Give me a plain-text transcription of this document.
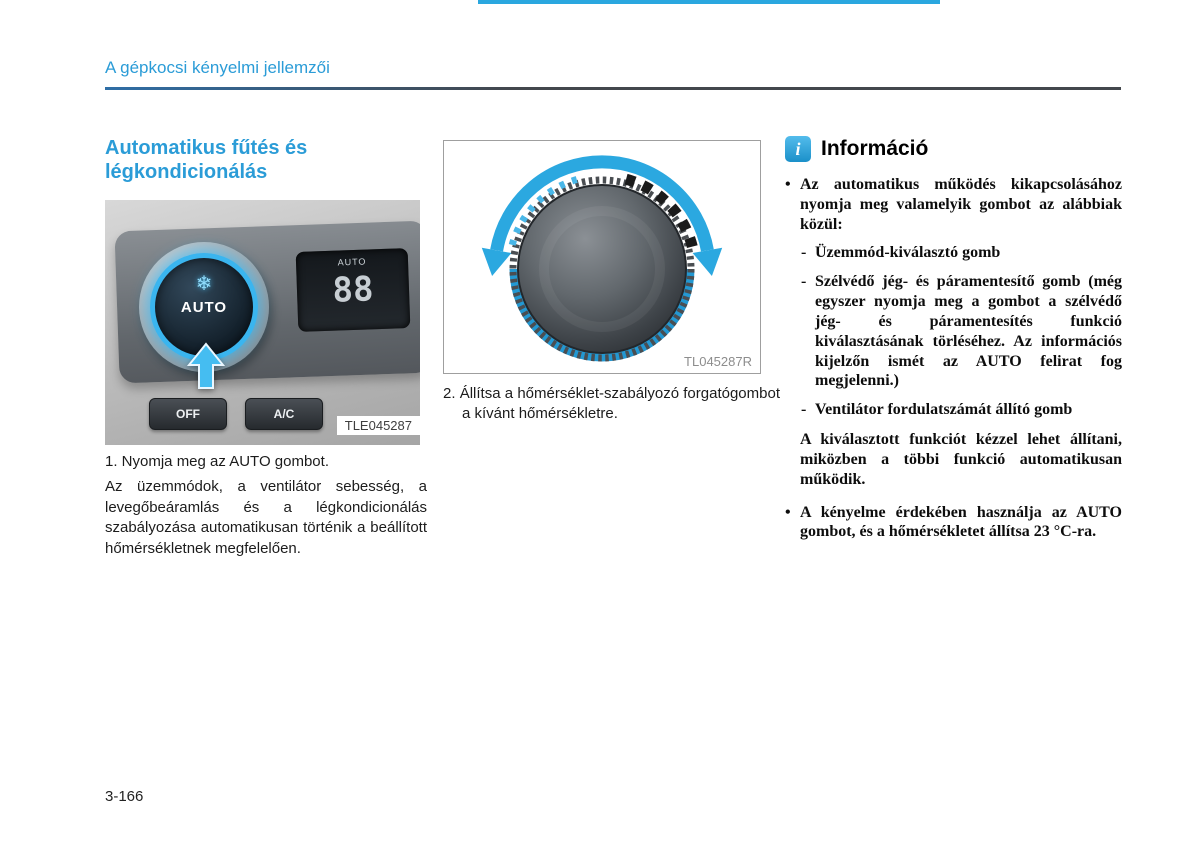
A gépkocsi kényelmi jellemzői
Automatikus fűtés és
légkondicionálás
❄
AUTO
AUTO
88
OFF	A/C
TLE045287
1. Nyomja meg az AUTO gombot.
Az üzemmódok, a ventilátor sebesség, a levegőbeáramlás és a légkondicionálás szabályozása automatikusan történik a beállított hőmérsékletnek megfelelően.
TL045287R
2. Állítsa a hőmérséklet-szabályozó forgatógombot a kívánt hőmérsékletre.
i Információ
• Az automatikus működés kikapcsolásához nyomja meg valamelyik gombot az alábbiak közül:
- Üzemmód-kiválasztó gomb
- Szélvédő jég- és páramentesítő gomb (még egyszer nyomja meg a gombot a szélvédő jég- és páramentesítés funkció kiválasztásának törléséhez. Az információs kijelzőn ismét az AUTO felirat fog megjelenni.)
- Ventilátor fordulatszámát állító gomb
A kiválasztott funkciót kézzel lehet állítani, miközben a többi funkció automatikusan működik.
• A kényelme érdekében használja az AUTO gombot, és a hőmérsékletet állítsa 23 °C-ra.
3-166
